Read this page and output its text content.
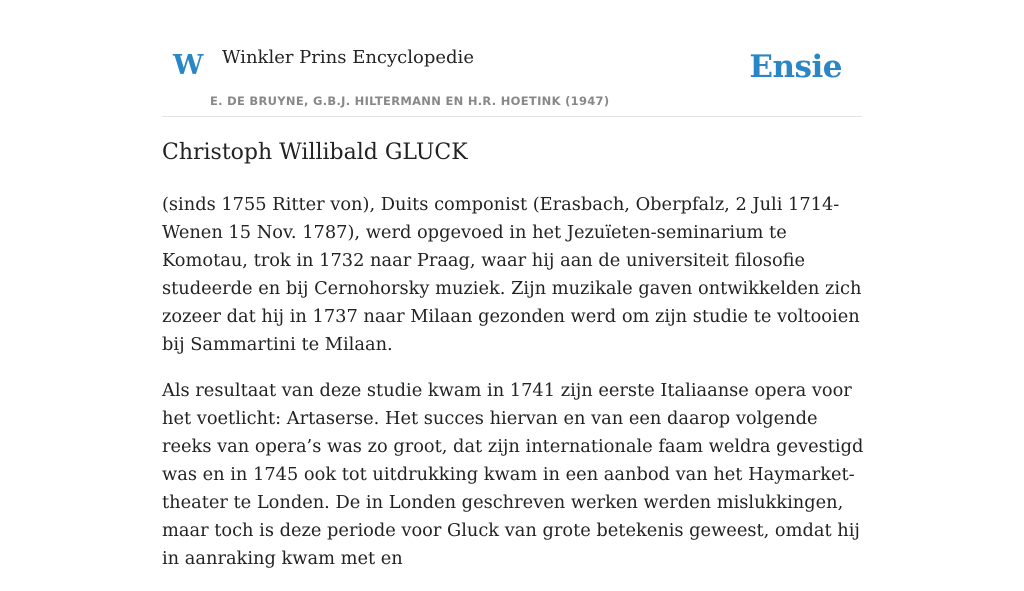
W Winkler Prins Encyclopedie
E. DE BRUYNE, G.B.J. HILTERMANN EN H.R. HOETINK (1947)
Ensie
Christoph Willibald GLUCK

(sinds 1755 Ritter von), Duits componist (Erasbach, Oberpfalz, 2 Juli 1714-Wenen 15 Nov. 1787), werd opgevoed in het Jezuïeten-seminarium te Komotau, trok in 1732 naar Praag, waar hij aan de universiteit filosofie studeerde en bij Cernohorsky muziek. Zijn muzikale gaven ontwikkelden zich zozeer dat hij in 1737 naar Milaan gezonden werd om zijn studie te voltooien bij Sammartini te Milaan.

Als resultaat van deze studie kwam in 1741 zijn eerste Italiaanse opera voor het voetlicht: Artaserse. Het succes hiervan en van een daarop volgende reeks van opera’s was zo groot, dat zijn internationale faam weldra gevestigd was en in 1745 ook tot uitdrukking kwam in een aanbod van het Haymarket-theater te Londen. De in Londen geschreven werken werden mislukkingen, maar toch is deze periode voor Gluck van grote betekenis geweest, omdat hij in aanraking kwam met en
